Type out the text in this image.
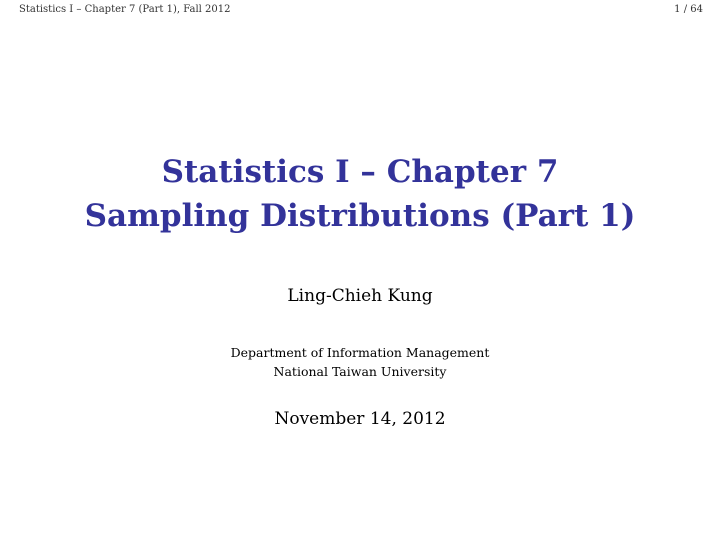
Statistics I – Chapter 7 (Part 1), Fall 2012	1 / 64
Statistics I – Chapter 7
Sampling Distributions (Part 1)
Ling-Chieh Kung
Department of Information Management
National Taiwan University
November 14, 2012
